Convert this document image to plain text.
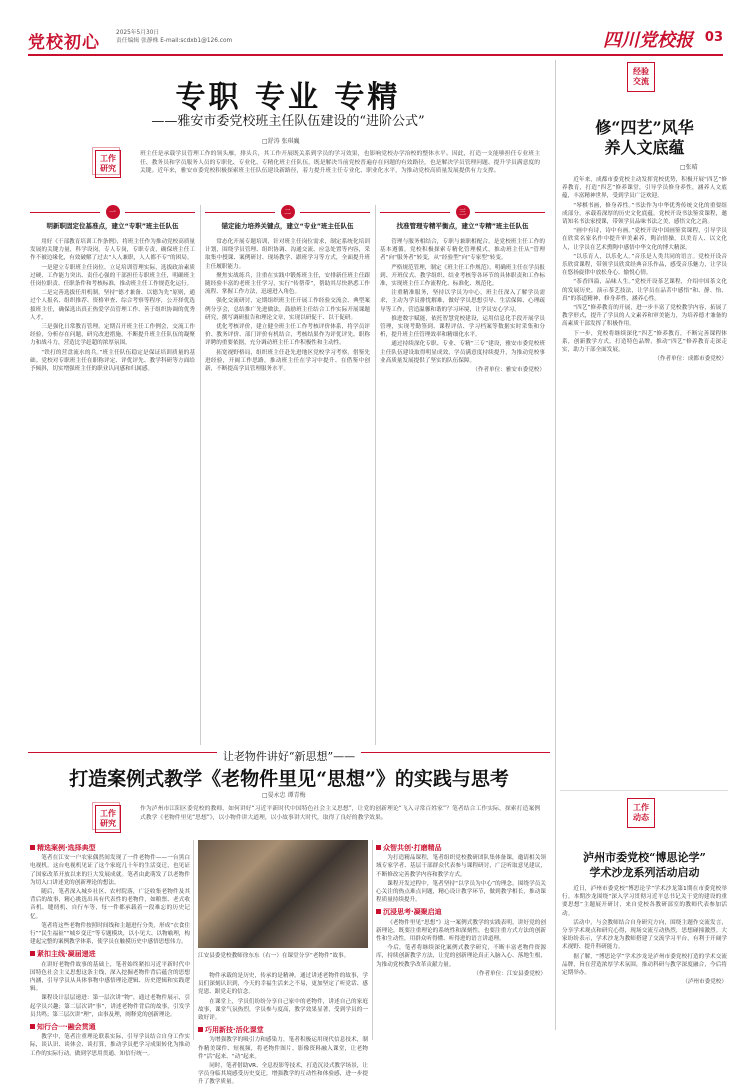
党校初心	2025年5月30日
责任编辑 张静株 E-mail:scdxb1@126.com	四川党校报 03
专职 专业 专精
——雅安市委党校班主任队伍建设的“进阶公式”
□舒涛 张琪巍
工作研究
班主任是承载学员管理工作的领头雁，排头兵，其工作开展既关系到学员的学习效果，也影响党校办学治校的整体水平。因此，打造一支能够担任专业班主任、教务员和学员服务人员的专职化、专业化、专精化班主任队伍，既是解决当前党校普遍存在问题的有效路径，也是解决学员管理问题、提升学员满意度的关键。近年来，雅安市委党校积极探索班主任队伍建设新路径，着力提升班主任专业化、职业化水平，为推动党校高质量发展提供有力支撑。
一
明新职固定位基准点，建立“专职”班主任队伍
二
锚定能力培养关键点，建立“专业”班主任队伍
三
找准管理专精平衡点，建立“专精”班主任队伍

用好《干部教育培训工作条例》，将班主任作为推动党校高质量发展的关键力量，科学设岗，专人专岗，专职专责，确保班主任工作不被边缘化，有效破解了过去“人人兼职，人人都不专”的困局。

一是建立专职班主任岗位。立足培训管理实际，选拔政治素质过硬、工作能力突出、责任心强的干部担任专职班主任，明确班主任岗位职责、任职条件和考核标准，推动班主任工作规范化运行。

二是完善选拔任用机制。坚持“德才兼备、以德为先”原则，通过个人报名、组织推荐、资格审查、综合考察等程序，公开择优选拔班主任，确保选出真正热爱学员管理工作、善于组织协调的优秀人才。

三是强化日常教育管理。定期召开班主任工作例会，交流工作经验，分析存在问题，研究改进措施，不断提升班主任队伍的凝聚力和战斗力，营造比学赶超的浓厚氛围。

“铁打的营盘流水的兵。”班主任队伍稳定是保证培训质量的基础。党校对专职班主任在职称评定、评优评先、教学科研等方面给予倾斜，切实增强班主任的职业认同感和归属感。

常态化开展专题培训，针对班主任岗位需求，制定系统化培训计划，围绕学员管理、组织协调、沟通交流、应急处置等内容，采取集中授课、案例研讨、现场教学、跟班学习等方式，全面提升班主任履职能力。

聚焦实战练兵，注重在实践中锻炼班主任，安排新任班主任跟随经验丰富的老班主任学习，实行“传帮带”，帮助其尽快熟悉工作流程、掌握工作方法，迅速进入角色。

强化交流研讨，定期组织班主任开展工作经验交流会、典型案例分享会，总结推广先进做法，鼓励班主任结合工作实际开展课题研究，撰写调研报告和理论文章，实现以研促干、以干促研。

优化考核评价，建立健全班主任工作考核评价体系，将学员评价、教务评价、部门评价有机结合，考核结果作为评优评先、职称评聘的重要依据，充分调动班主任工作积极性和主动性。

拓宽视野格局，组织班主任赴先进地区党校学习考察，借鉴先进经验，开阔工作思路，推动班主任在学习中提升、在借鉴中创新，不断提高学员管理服务水平。

管理与服务相结合，专职与兼职相配合，是党校班主任工作的基本遵循。党校积极探索专精化管理模式，推动班主任从“管理者”向“服务者”转变，从“经验型”向“专家型”转变。

严格规范管理，制定《班主任工作规范》，明确班主任在学员报到、开班仪式、教学组织、结业考核等各环节的具体职责和工作标准，实现班主任工作流程化、标准化、规范化。

注重精准服务，坚持以学员为中心，班主任深入了解学员需求，主动为学员排忧解难，做好学员思想引导、生活保障、心理疏导等工作，营造温馨和谐的学习环境，让学员安心学习。

推进数字赋能，依托智慧党校建设，运用信息化手段开展学员管理，实现考勤签到、课程评估、学习档案等数据实时采集和分析，提升班主任管理效率和精细化水平。

通过持续深化专职、专业、专精“三专”建设，雅安市委党校班主任队伍建设取得明显成效，学员满意度持续提升，为推动党校事业高质量发展提供了坚实的队伍保障。

（作者单位：雅安市委党校）
让老物件讲好“新思想”——
打造案例式教学《老物件里见“思想”》的实践与思考
□晏永忠 谭青梅
工作研究
作为泸州市江阳区委党校的教师，如何讲好“习近平新时代中国特色社会主义思想”，让党的创新理论“飞入寻常百姓家”？笔者结合工作实际，探索打造案例式教学《老物件里见“思想”》，以小物件讲大道理，以小故事讲大时代，取得了良好的教学效果。
精选案例·选择典型

笔者在江安一户农家偶然间发现了一件老物件——一台黑白电视机。这台电视机见证了这个家庭几十年的生活变迁，也见证了国家改革开放以来的巨大发展成就。笔者由此萌发了以老物件为切入口讲述党的创新理论的想法。

随后，笔者深入城乡社区、农村院落，广泛收集老物件及其背后的故事，精心挑选出具有代表性的老物件，如粮票、老式收音机、缝纫机、自行车等，每一件都承载着一段难忘的历史记忆。

笔者将这些老物件按照时间线和主题进行分类，形成“衣食住行”“民生福祉”“城乡变迁”等专题模块，以小见大、以物喻理，构建起完整的案例教学体系，使学员在触摸历史中感悟思想伟力。

紧扣主线·凝届递进

在讲好老物件故事的基础上，笔者始终紧扣习近平新时代中国特色社会主义思想这条主线，深入挖掘老物件背后蕴含的思想内涵，引导学员从具体事物中感悟理论逻辑、历史逻辑和实践逻辑。

课程设计层层递进：第一层次讲“物”，通过老物件展示，引起学员兴趣；第二层次讲“事”，讲述老物件背后的故事，引发学员共鸣；第三层次讲“理”，由事及理，阐释党的创新理论。

知行合一·融会贯通

教学中，笔者注重理论联系实际，引导学员结合自身工作实际，谈认识、谈体会、谈打算，推动学员把学习成果转化为推动工作的实际行动，做到学思用贯通、知信行统一。

江安县委党校教师徐东东（右一）在课堂分享“老物件”故事。

物件承载的是历史，传承的是精神。通过讲述老物件的故事，学员们深刻认识到，今天的幸福生活来之不易，更加坚定了听党话、感党恩、跟党走的信念。

在课堂上，学员们纷纷分享自己家中的老物件，讲述自己的家庭故事，课堂气氛热烈，学员参与度高，教学效果显著，受到学员的一致好评。

巧用新技·活化课堂

为增强教学的吸引力和感染力，笔者积极运用现代信息技术，制作精美课件、短视频，将老物件图片、影像资料融入课堂，让老物件“活”起来、“动”起来。

同时，笔者借助VR、全息投影等技术，打造沉浸式教学场景，让学员身临其境感受历史变迁，增强教学的互动性和体验感，进一步提升了教学质量。

众智共创·打磨精品

为打造精品课程，笔者组织党校教研团队集体备课，邀请相关领域专家学者、基层干部群众代表参与课程研讨，广泛听取意见建议，不断修改完善教学内容和教学方式。

课程开发过程中，笔者坚持“以学员为中心”的理念，围绕学员关心关注的热点难点问题，精心设计教学环节，做到教学相长，推动课程质量持续提升。

沉浸思考·凝聚启迪

《老物件里见“思想”》这一案例式教学的实践表明，讲好党的创新理论，既要注重理论的系统性和深刻性，也要注重方式方法的创新性和生动性，用群众听得懂、听得进的语言讲道理。

今后，笔者将继续深化案例式教学研究，不断丰富老物件资源库，持续创新教学方法，让党的创新理论真正入脑入心、落地生根，为推动党校教学改革贡献力量。

（作者单位：江安县委党校）
经验交流
修“四艺”风华
养人文底蕴
□张晴

近年来，成都市委党校主动发挥党校优势，积极开展“四艺”修养教育，打造“四艺”修养课堂，引导学员修身养性，涵养人文底蕴，丰富精神世界，受到学员广泛欢迎。

“琴棋书画，修身养性。”书法作为中华优秀传统文化的重要组成部分，承载着深厚的历史文化底蕴。党校开设书法鉴赏课程，邀请知名书法家授课，带领学员品味书法之美，感悟文化之韵。

“画中有诗，诗中有画。”党校开设中国画鉴赏课程，引导学员在欣赏名家名作中提升审美素养，陶冶情操，以美育人、以文化人，让学员在艺术熏陶中感悟中华文化的博大精深。

“以乐育人，以乐化人。”音乐是人类共同的语言。党校开设音乐欣赏课程，带领学员欣赏经典音乐作品，感受音乐魅力，让学员在悠扬旋律中放松身心、愉悦心情。

“茶香四溢，品味人生。”党校开设茶艺课程，介绍中国茶文化的发展历史，演示茶艺技法，让学员在品茗中感悟“和、静、怡、真”的茶道精神，修身养性，涵养心性。

“四艺”修养教育的开展，进一步丰富了党校教学内容，拓展了教学形式，提升了学员的人文素养和审美能力，为培养德才兼备的高素质干部发挥了积极作用。

下一步，党校将继续深化“四艺”修养教育，不断完善课程体系，创新教学方式，打造特色品牌，推动“四艺”修养教育走深走实，助力干部全面发展。

（作者单位：成都市委党校）
工作动态
泸州市委党校“博思论学”
学术沙龙系列活动启动

近日，泸州市委党校“博思论学”学术沙龙第1期在市委党校举行。本期沙龙围绕“深入学习贯彻习近平总书记关于党的建设的重要思想”主题展开研讨，来自党校各教研部室的教师代表参加活动。

活动中，与会教师结合自身研究方向，围绕主题作交流发言，分享学术观点和研究心得，现场交流互动热烈，思想碰撞激烈。大家纷纷表示，学术沙龙为教师搭建了交流学习平台，有利于开阔学术视野、提升科研能力。

据了解，“博思论学”学术沙龙是泸州市委党校打造的学术交流品牌，旨在营造浓厚学术氛围，推动科研与教学深度融合，今后将定期举办。

（泸州市委党校）
